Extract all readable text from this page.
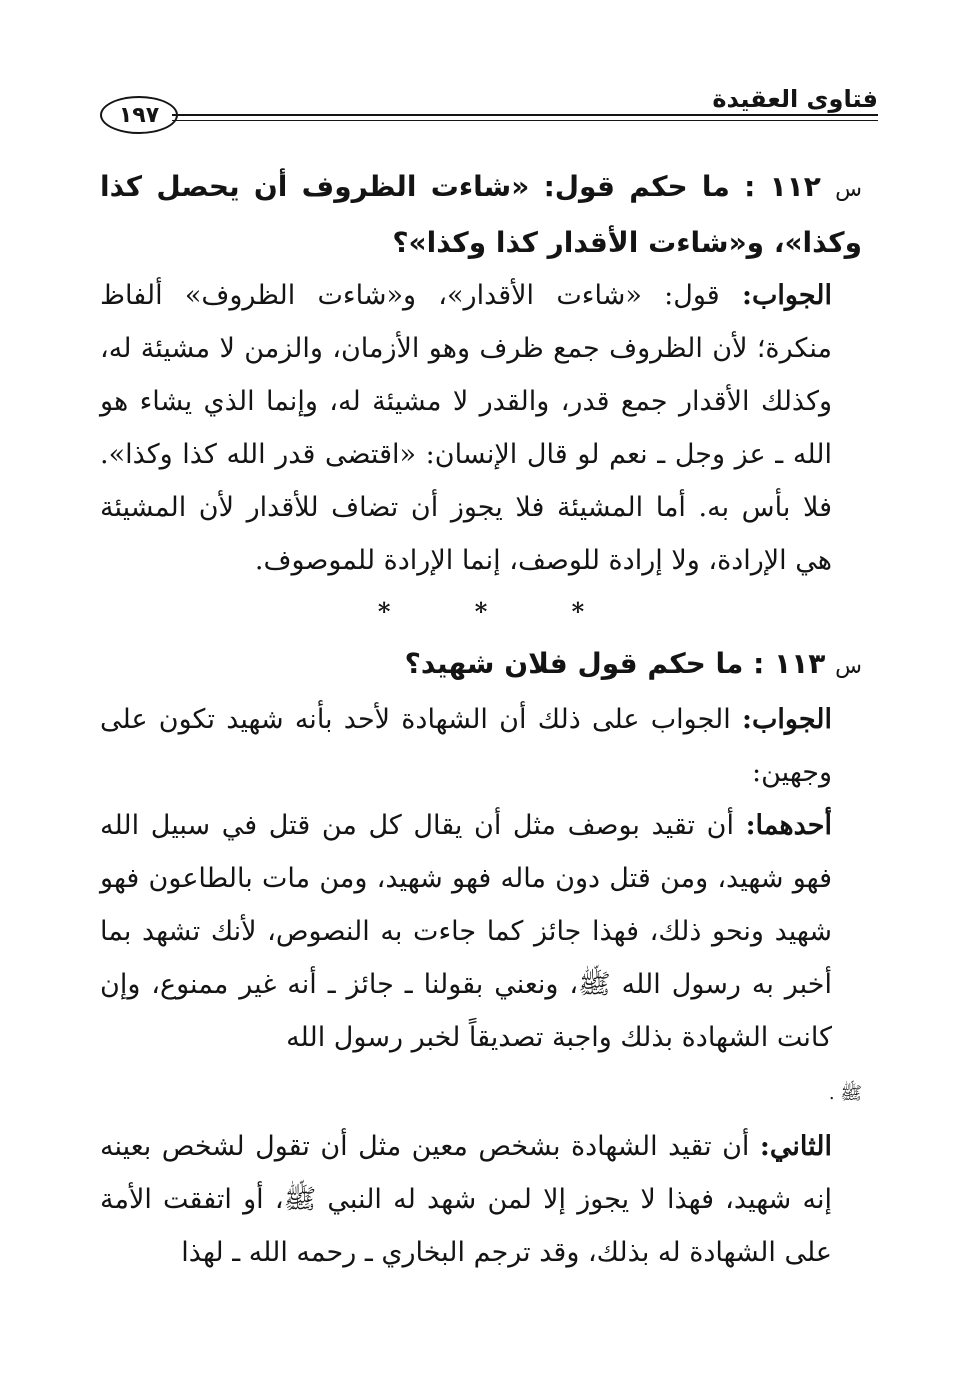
فتاوى العقيدة
١٩٧

س ١١٢ : ما حكم قول: «شاءت الظروف أن يحصل كذا وكذا»، و«شاءت الأقدار كذا وكذا»؟

الجواب: قول: «شاءت الأقدار»، و«شاءت الظروف» ألفاظ منكرة؛ لأن الظروف جمع ظرف وهو الأزمان، والزمن لا مشيئة له، وكذلك الأقدار جمع قدر، والقدر لا مشيئة له، وإنما الذي يشاء هو الله ـ عز وجل ـ نعم لو قال الإنسان: «اقتضى قدر الله كذا وكذا». فلا بأس به. أما المشيئة فلا يجوز أن تضاف للأقدار لأن المشيئة هي الإرادة، ولا إرادة للوصف، إنما الإرادة للموصوف.

* * *

س ١١٣ : ما حكم قول فلان شهيد؟

الجواب: الجواب على ذلك أن الشهادة لأحد بأنه شهيد تكون على وجهين:

أحدهما: أن تقيد بوصف مثل أن يقال كل من قتل في سبيل الله فهو شهيد، ومن قتل دون ماله فهو شهيد، ومن مات بالطاعون فهو شهيد ونحو ذلك، فهذا جائز كما جاءت به النصوص، لأنك تشهد بما أخبر به رسول الله ﷺ، ونعني بقولنا ـ جائز ـ أنه غير ممنوع، وإن كانت الشهادة بذلك واجبة تصديقاً لخبر رسول الله

ﷺ .

الثاني: أن تقيد الشهادة بشخص معين مثل أن تقول لشخص بعينه إنه شهيد، فهذا لا يجوز إلا لمن شهد له النبي ﷺ، أو اتفقت الأمة على الشهادة له بذلك، وقد ترجم البخاري ـ رحمه الله ـ لهذا
